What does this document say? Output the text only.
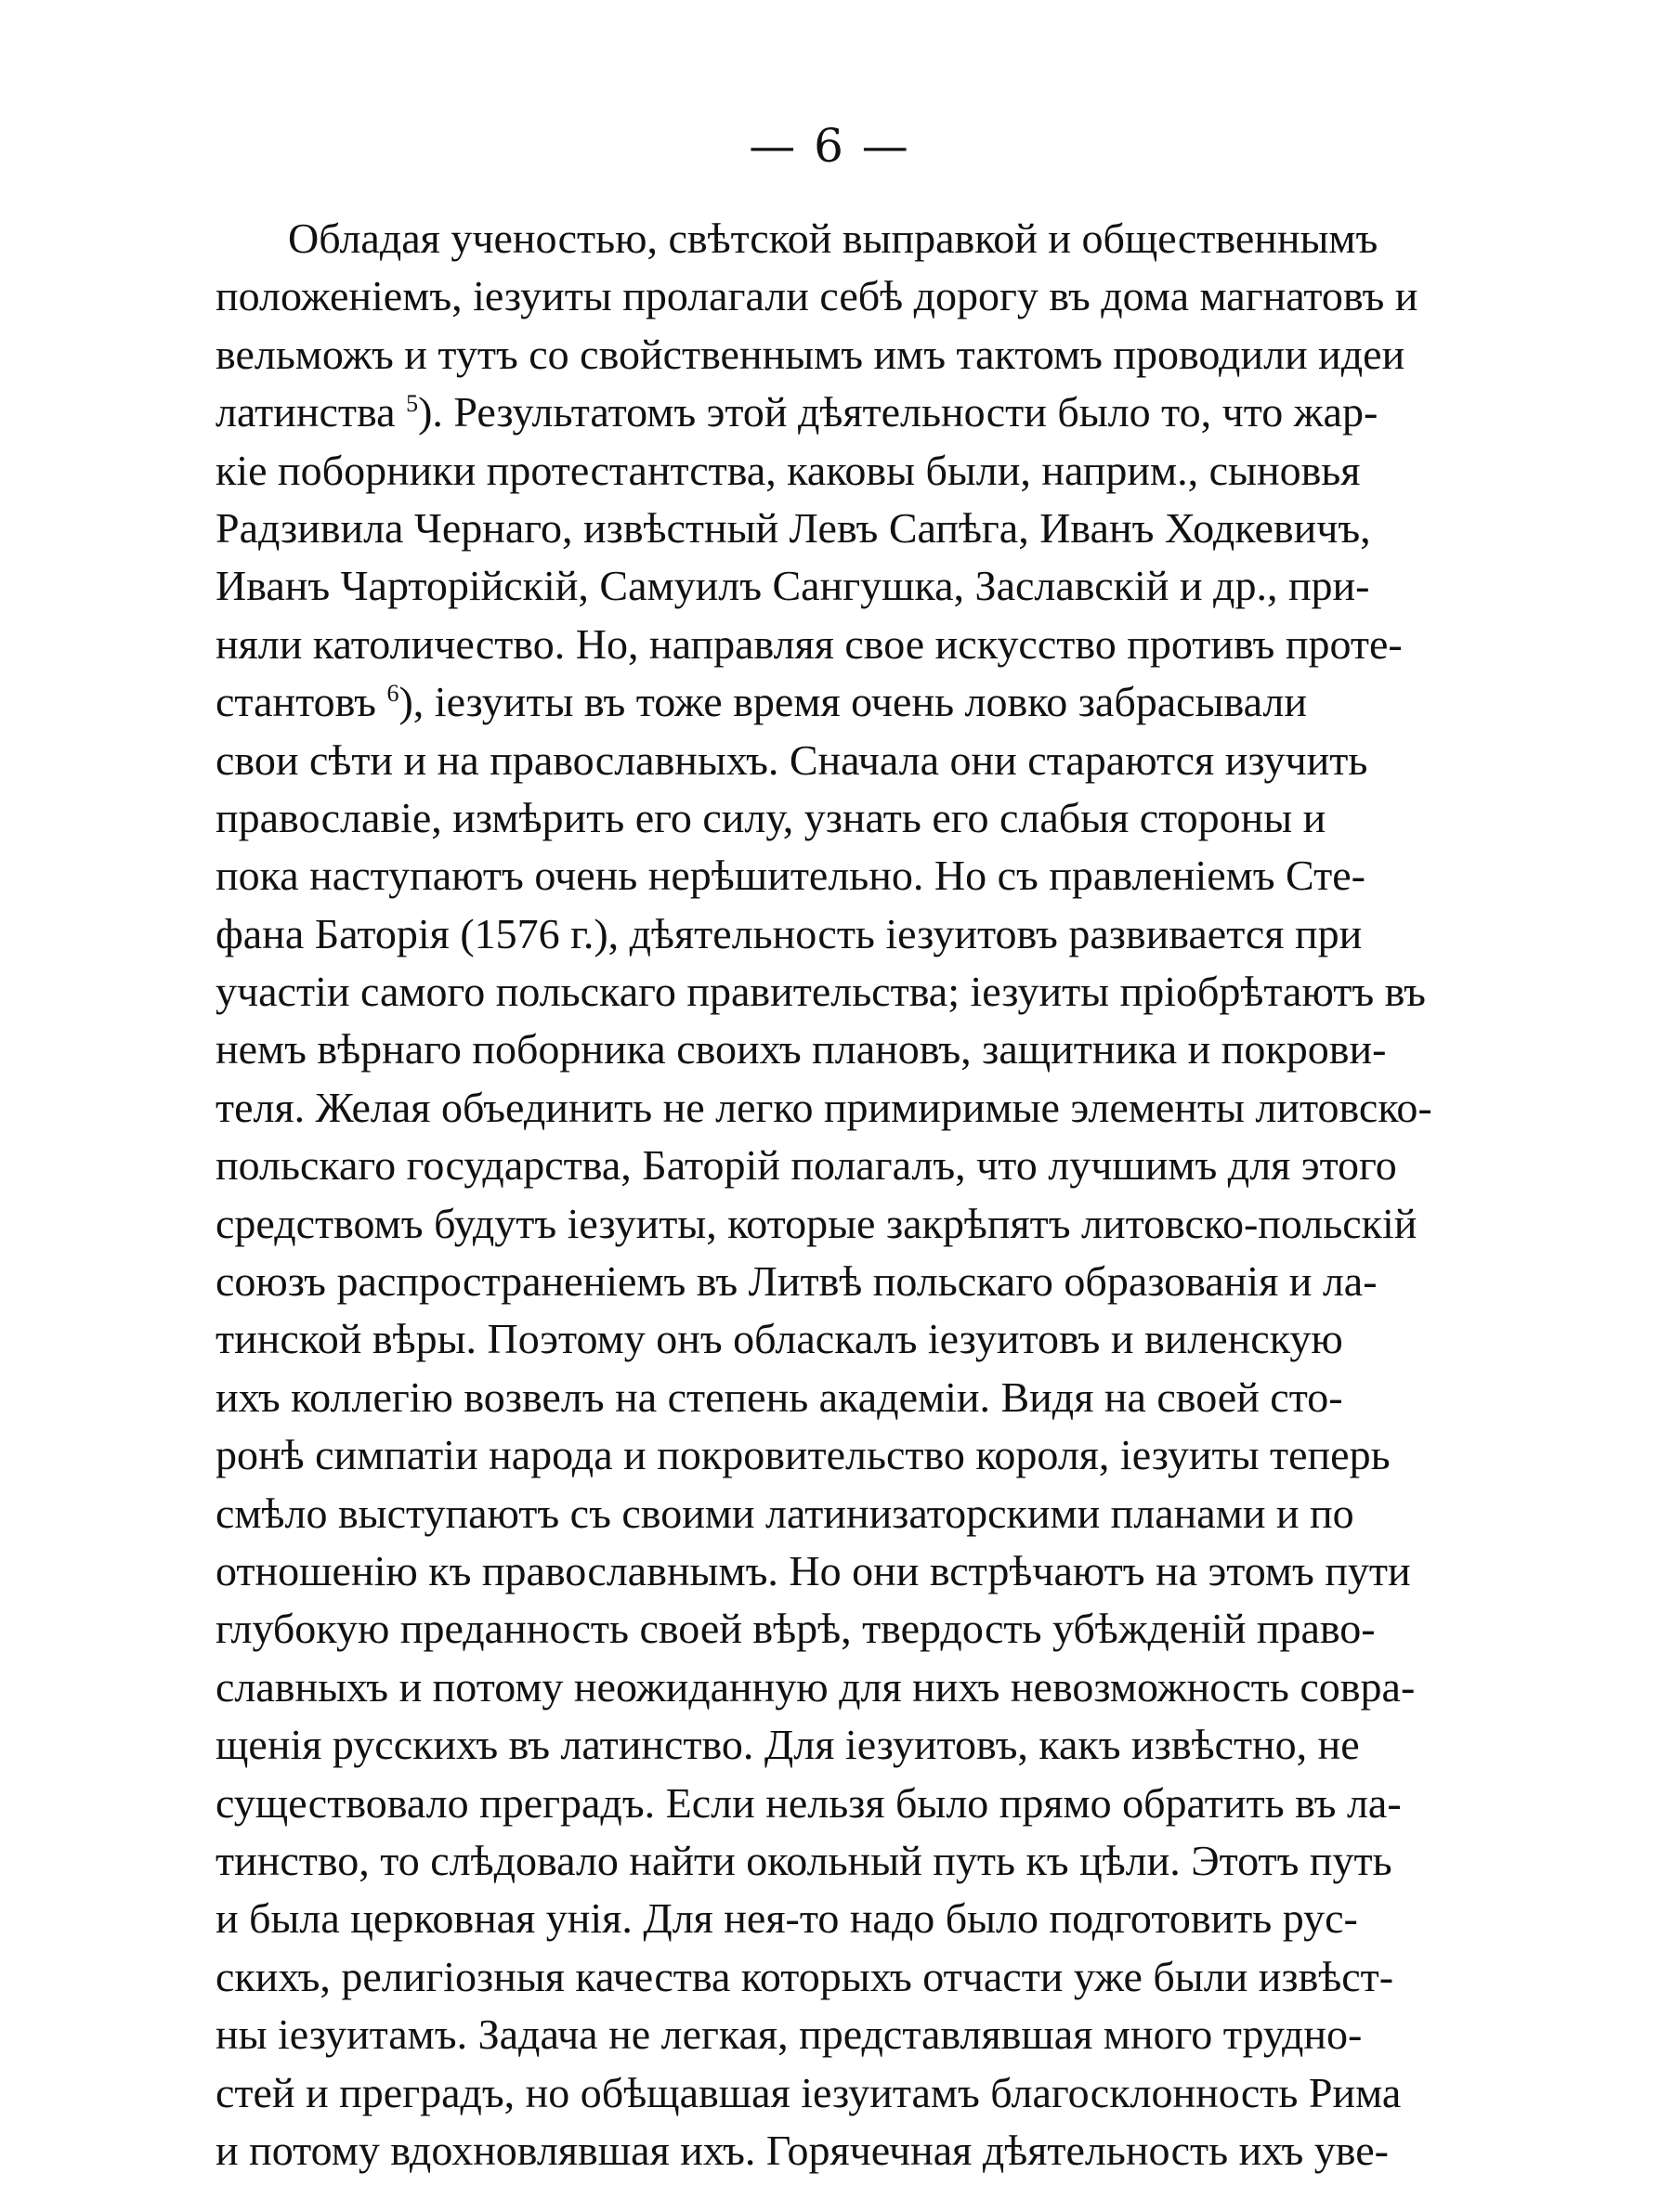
— 6 —
Обладая ученостью, свѣтской выправкой и общественнымъ
положенiемъ, iезуиты пролагали себѣ дорогу въ дома магнатовъ и
вельможъ и тутъ со свойственнымъ имъ тактомъ проводили идеи
латинства $^5$). Результатомъ этой дѣятельности было то, что жар-
кiе поборники протестантства, каковы были, наприм., сыновья
Радзивила Чернаго, извѣстный Левъ Сапѣга, Иванъ Ходкевичъ,
Иванъ Чарторiйскiй, Самуилъ Сангушка, Заславскiй и др., при-
няли католичество. Но, направляя свое искусство противъ проте-
стантовъ $^6$), iезуиты въ тоже время очень ловко забрасывали
свои сѣти и на православныхъ. Сначала они стараются изучить
православiе, измѣрить его силу, узнать его слабыя стороны и
пока наступаютъ очень нерѣшительно. Но съ правленiемъ Сте-
фана Баторiя (1576 г.), дѣятельность iезуитовъ развивается при
участiи самого польскаго правительства; iезуиты прiобрѣтаютъ въ
немъ вѣрнаго поборника своихъ плановъ, защитника и покрови-
теля. Желая объединить не легко примиримые элементы литовско-
польскаго государства, Баторiй полагалъ, что лучшимъ для этого
средствомъ будутъ iезуиты, которые закрѣпятъ литовско-польскiй
союзъ распространенiемъ въ Литвѣ польскаго образованiя и ла-
тинской вѣры. Поэтому онъ обласкалъ iезуитовъ и виленскую
ихъ коллегiю возвелъ на степень академiи. Видя на своей сто-
ронѣ симпатiи народа и покровительство короля, iезуиты теперь
смѣло выступаютъ съ своими латинизаторскими планами и по
отношенiю къ православнымъ. Но они встрѣчаютъ на этомъ пути
глубокую преданность своей вѣрѣ, твердость убѣжденiй право-
славныхъ и потому неожиданную для нихъ невозможность совра-
щенiя русскихъ въ латинство. Для iезуитовъ, какъ извѣстно, не
существовало преградъ. Если нельзя было прямо обратить въ ла-
тинство, то слѣдовало найти окольный путь къ цѣли. Этотъ путь
и была церковная унiя. Для нея-то надо было подготовить рус-
скихъ, религiозныя качества которыхъ отчасти уже были извѣст-
ны iезуитамъ. Задача не легкая, представлявшая много трудно-
стей и преградъ, но обѣщавшая iезуитамъ благосклонность Рима
и потому вдохновлявшая ихъ. Горячечная дѣятельность ихъ уве-
